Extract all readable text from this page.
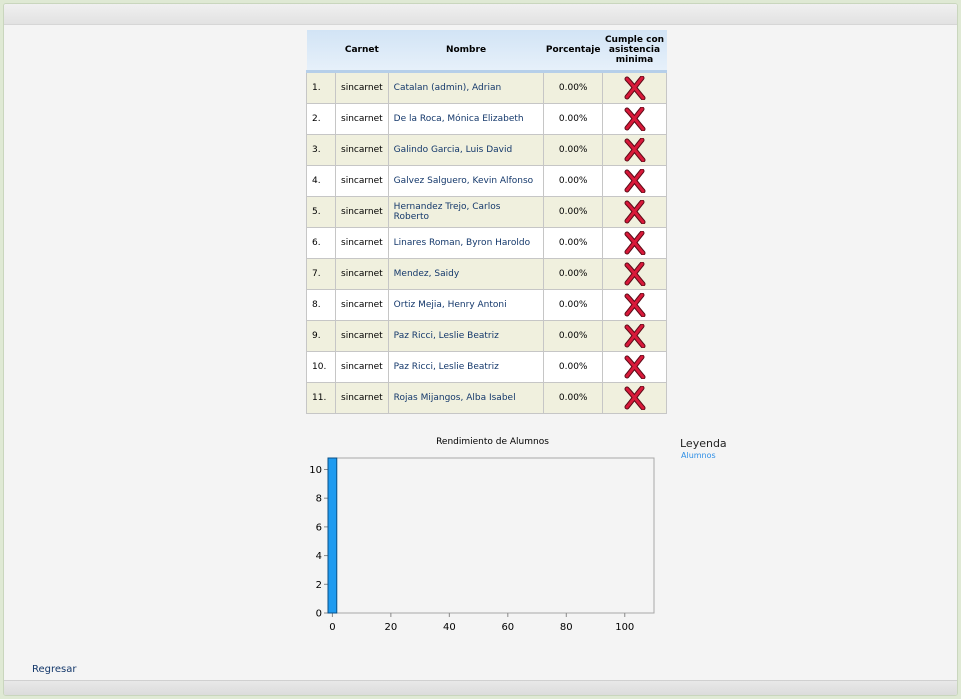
	Carnet	Nombre	Porcentaje	Cumple con asistencia minima
1.	sincarnet	Catalan (admin), Adrian	0.00%	
2.	sincarnet	De la Roca, Mónica Elizabeth	0.00%	
3.	sincarnet	Galindo Garcia, Luis David	0.00%	
4.	sincarnet	Galvez Salguero, Kevin Alfonso	0.00%	
5.	sincarnet	Hernandez Trejo, Carlos Roberto	0.00%	
6.	sincarnet	Linares Roman, Byron Haroldo	0.00%	
7.	sincarnet	Mendez, Saidy	0.00%	
8.	sincarnet	Ortiz Mejia, Henry Antoni	0.00%	
9.	sincarnet	Paz Ricci, Leslie Beatriz	0.00%	
10.	sincarnet	Paz Ricci, Leslie Beatriz	0.00%	
11.	sincarnet	Rojas Mijangos, Alba Isabel	0.00%	
Rendimiento de Alumnos	Leyenda
Alumnos
0
2
4
6
8
10
0	20	40	60	80	100
Regresar
